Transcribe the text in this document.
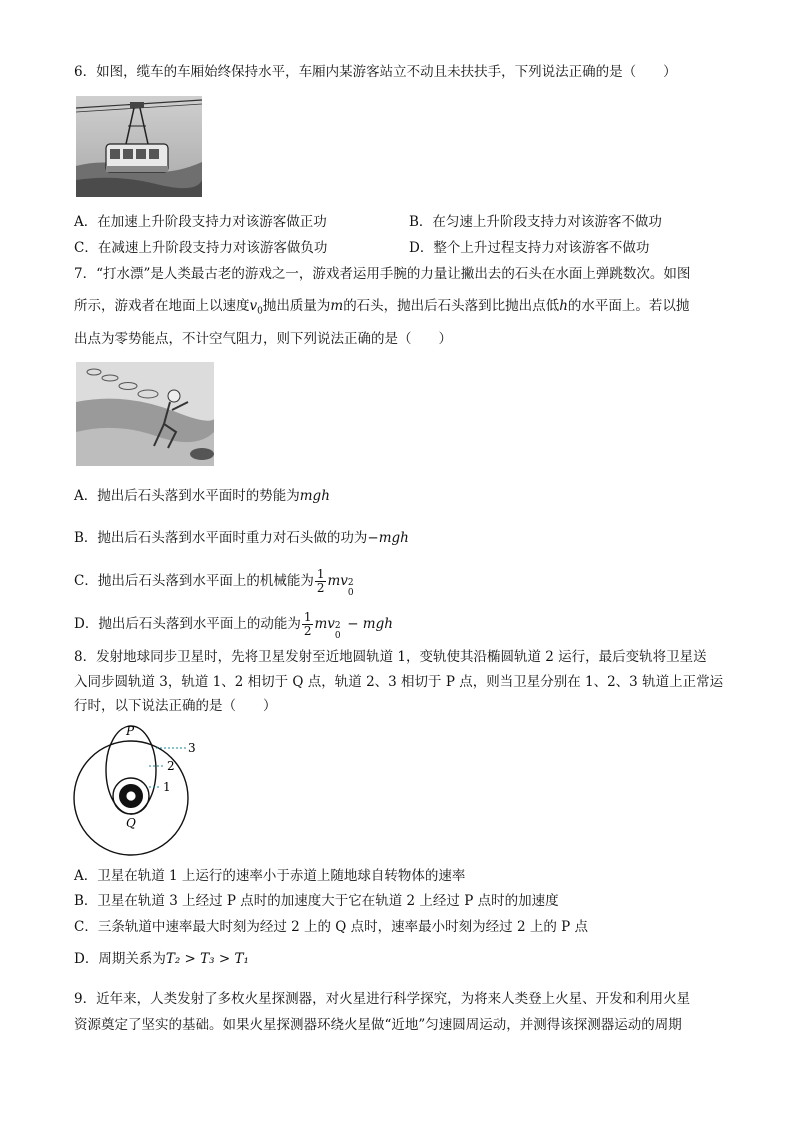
6．如图，缆车的车厢始终保持水平，车厢内某游客站立不动且未扶扶手，下列说法正确的是（　　）
A．在加速上升阶段支持力对该游客做正功	B．在匀速上升阶段支持力对该游客不做功
C．在减速上升阶段支持力对该游客做负功	D．整个上升过程支持力对该游客不做功
7．“打水漂”是人类最古老的游戏之一，游戏者运用手腕的力量让撇出去的石头在水面上弹跳数次。如图
所示，游戏者在地面上以速度$v_0$抛出质量为m的石头，抛出后石头落到比抛出点低h的水平面上。若以抛
出点为零势能点，不计空气阻力，则下列说法正确的是（　　）
A．抛出后石头落到水平面时的势能为mgh
B．抛出后石头落到水平面时重力对石头做的功为−mgh
C．抛出后石头落到水平面上的机械能为 $\frac{1}{2}$ mv 2
0
D．抛出后石头落到水平面上的动能为 $\frac{1}{2}$ mv 2
0
− mgh
8．发射地球同步卫星时，先将卫星发射至近地圆轨道 1，变轨使其沿椭圆轨道 2 运行，最后变轨将卫星送
入同步圆轨道 3，轨道 1、2 相切于 Q 点，轨道 2、3 相切于 P 点，则当卫星分别在 1、2、3 轨道上正常运
行时，以下说法正确的是（　　）
3
2
1
P
Q
A．卫星在轨道 1 上运行的速率小于赤道上随地球自转物体的速率
B．卫星在轨道 3 上经过 P 点时的加速度大于它在轨道 2 上经过 P 点时的加速度
C．三条轨道中速率最大时刻为经过 2 上的 Q 点时，速率最小时刻为经过 2 上的 P 点
D．周期关系为T₂ > T₃ > T₁
9．近年来，人类发射了多枚火星探测器，对火星进行科学探究，为将来人类登上火星、开发和利用火星
资源奠定了坚实的基础。如果火星探测器环绕火星做“近地”匀速圆周运动，并测得该探测器运动的周期
